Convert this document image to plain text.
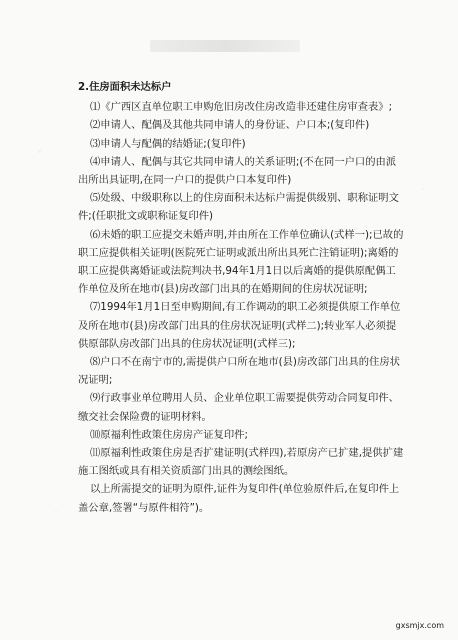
2.住房面积未达标户

⑴《广西区直单位职工申购危旧房改住房改造非还建住房审查表》;

⑵申请人、配偶及其他共同申请人的身份证、户口本;(复印件)

⑶申请人与配偶的结婚证;(复印件)

⑷申请人、配偶与其它共同申请人的关系证明;(不在同一户口的由派出所出具证明,在同一户口的提供户口本复印件)

⑸处级、中级职称以上的住房面积未达标户需提供级别、职称证明文件;(任职批文或职称证复印件)

⑹未婚的职工应提交未婚声明,并由所在工作单位确认(式样一);已故的职工应提供相关证明(医院死亡证明或派出所出具死亡注销证明);离婚的职工应提供离婚证或法院判决书,94年1月1日以后离婚的提供原配偶工作单位及所在地市(县)房改部门出具的在婚期间的住房状况证明;

⑺1994年1月1日至申购期间,有工作调动的职工必须提供原工作单位及所在地市(县)房改部门出具的住房状况证明(式样二);转业军人必须提供原部队房改部门出具的住房状况证明(式样三);

⑻户口不在南宁市的,需提供户口所在地市(县)房改部门出具的住房状况证明;

⑼行政事业单位聘用人员、企业单位职工需要提供劳动合同复印件、缴交社会保险费的证明材料。

⑽原福利性政策住房房产证复印件;

⑾原福利性政策住房是否扩建证明(式样四),若原房产已扩建,提供扩建施工图纸或具有相关资质部门出具的测绘图纸。

以上所需提交的证明为原件,证件为复印件(单位验原件后,在复印件上盖公章,签署“与原件相符”)。

gxsmjx.com
